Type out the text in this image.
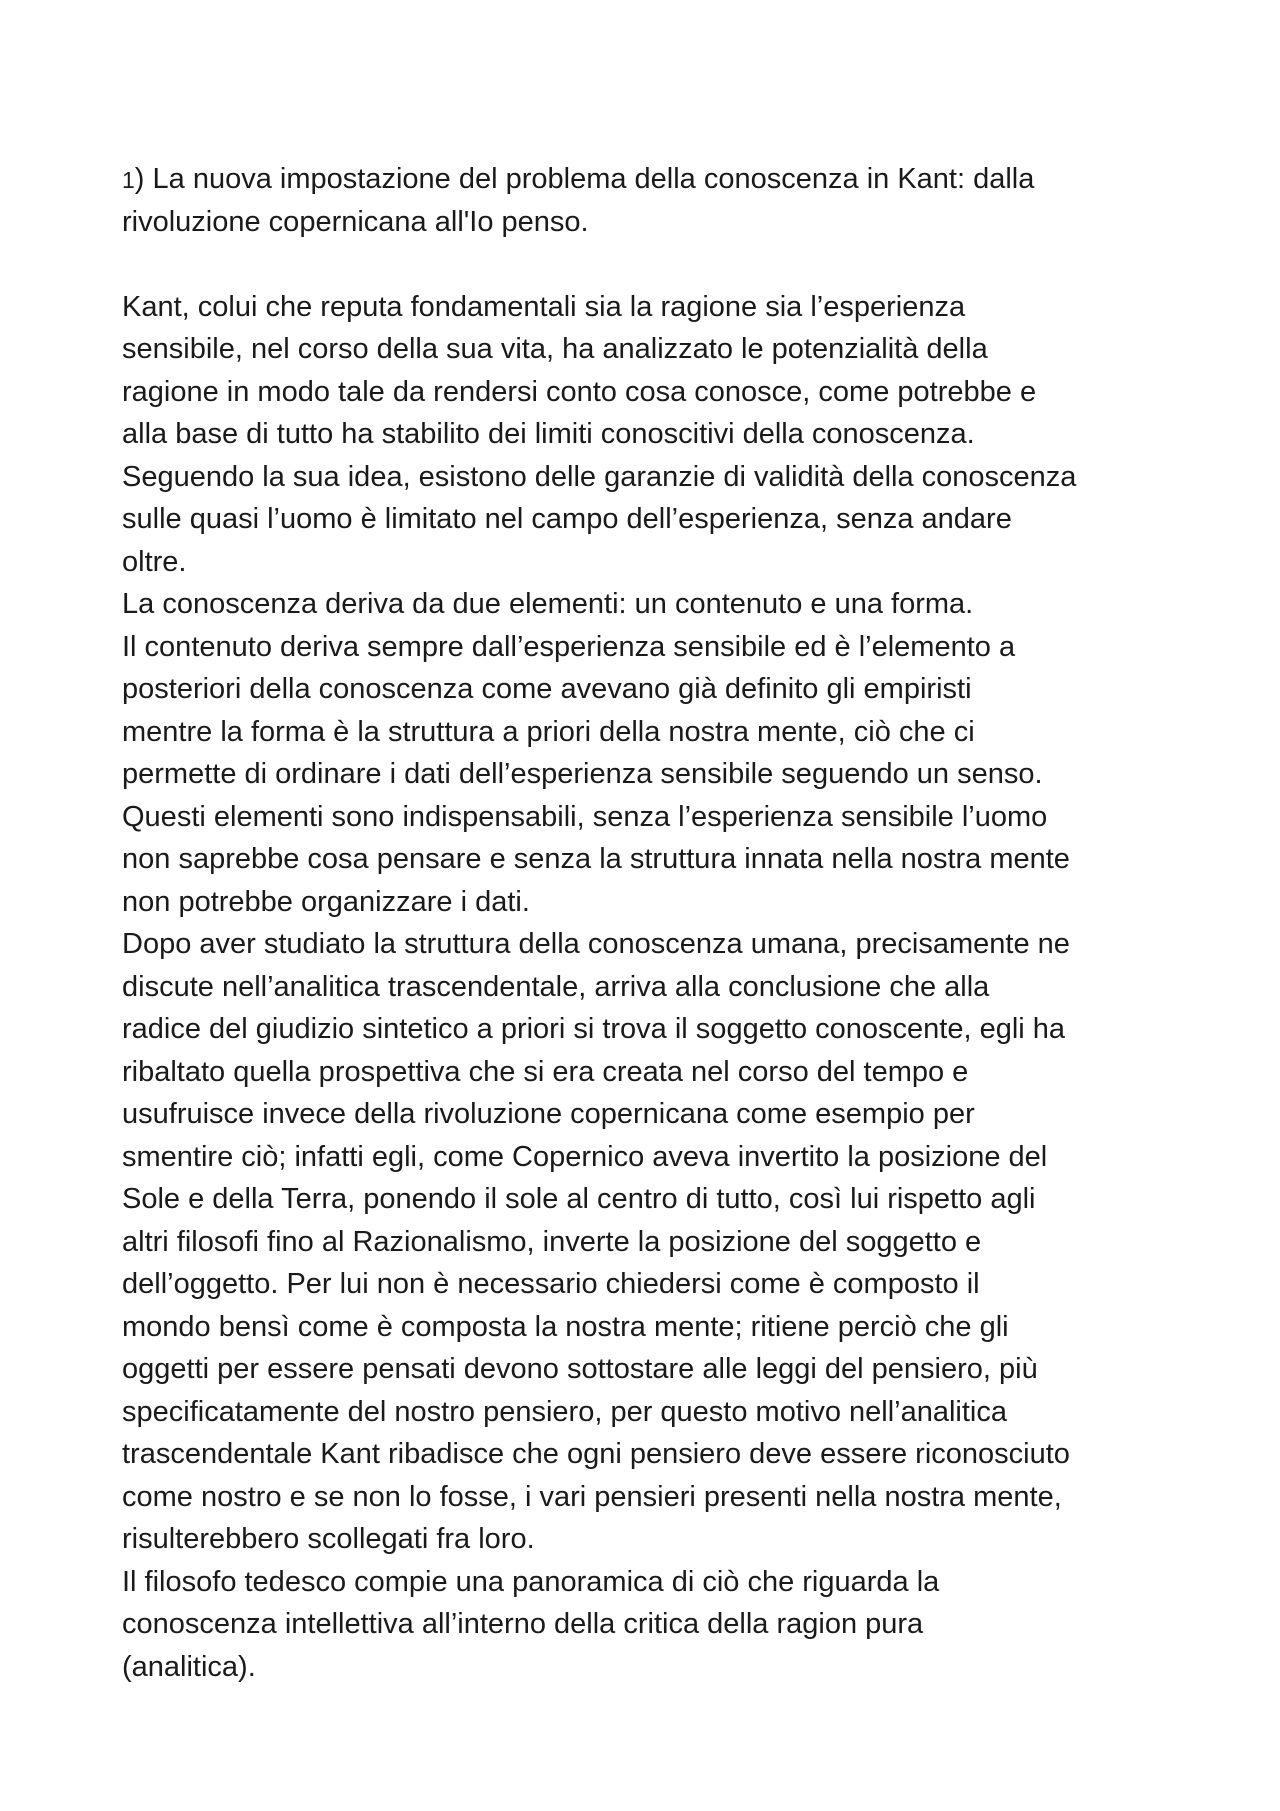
1) La nuova impostazione del problema della conoscenza in Kant: dalla
rivoluzione copernicana all'Io penso.
Kant, colui che reputa fondamentali sia la ragione sia l’esperienza
sensibile, nel corso della sua vita, ha analizzato le potenzialità della
ragione in modo tale da rendersi conto cosa conosce, come potrebbe e
alla base di tutto ha stabilito dei limiti conoscitivi della conoscenza.
Seguendo la sua idea, esistono delle garanzie di validità della conoscenza
sulle quasi l’uomo è limitato nel campo dell’esperienza, senza andare
oltre.
La conoscenza deriva da due elementi: un contenuto e una forma.
Il contenuto deriva sempre dall’esperienza sensibile ed è l’elemento a
posteriori della conoscenza come avevano già definito gli empiristi
mentre la forma è la struttura a priori della nostra mente, ciò che ci
permette di ordinare i dati dell’esperienza sensibile seguendo un senso.
Questi elementi sono indispensabili, senza l’esperienza sensibile l’uomo
non saprebbe cosa pensare e senza la struttura innata nella nostra mente
non potrebbe organizzare i dati.
Dopo aver studiato la struttura della conoscenza umana, precisamente ne
discute nell’analitica trascendentale, arriva alla conclusione che alla
radice del giudizio sintetico a priori si trova il soggetto conoscente, egli ha
ribaltato quella prospettiva che si era creata nel corso del tempo e
usufruisce invece della rivoluzione copernicana come esempio per
smentire ciò; infatti egli, come Copernico aveva invertito la posizione del
Sole e della Terra, ponendo il sole al centro di tutto, così lui rispetto agli
altri filosofi fino al Razionalismo, inverte la posizione del soggetto e
dell’oggetto. Per lui non è necessario chiedersi come è composto il
mondo bensì come è composta la nostra mente; ritiene perciò che gli
oggetti per essere pensati devono sottostare alle leggi del pensiero, più
specificatamente del nostro pensiero, per questo motivo nell’analitica
trascendentale Kant ribadisce che ogni pensiero deve essere riconosciuto
come nostro e se non lo fosse, i vari pensieri presenti nella nostra mente,
risulterebbero scollegati fra loro.
Il filosofo tedesco compie una panoramica di ciò che riguarda la
conoscenza intellettiva all’interno della critica della ragion pura
(analitica).
